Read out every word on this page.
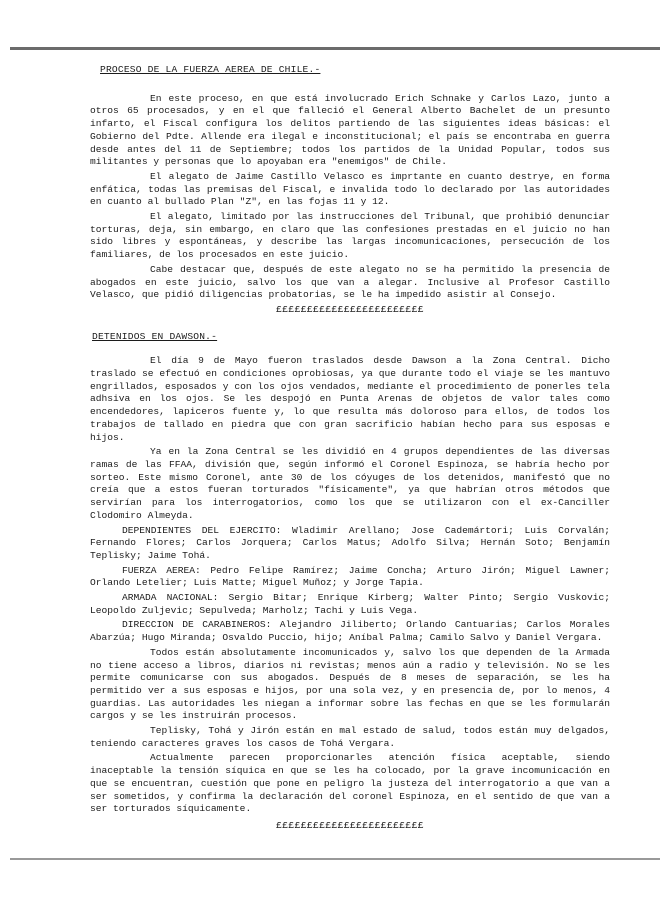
PROCESO DE LA FUERZA AEREA DE CHILE.-

En este proceso, en que está involucrado Erich Schnake y Carlos Lazo, junto a otros 65 procesados, y en el que falleció el General Alberto Bachelet de un presunto infarto, el Fiscal configura los delitos partiendo de las siguientes ideas básicas: el Gobierno del Pdte. Allende era ilegal e inconstitucional; el país se encontraba en guerra desde antes del 11 de Septiembre; todos los partidos de la Unidad Popular, todos sus militantes y personas que lo apoyaban era "enemigos" de Chile.

El alegato de Jaime Castillo Velasco es imprtante en cuanto destrye, en forma enfática, todas las premisas del Fiscal, e invalida todo lo declarado por las autoridades en cuanto al bullado Plan "Z", en las fojas 11 y 12.

El alegato, limitado por las instrucciones del Tribunal, que prohibió denunciar torturas, deja, sin embargo, en claro que las confesiones prestadas en el juicio no han sido libres y espontáneas, y describe las largas incomunicaciones, persecución de los familiares, de los procesados en este juicio.

Cabe destacar que, después de este alegato no se ha permitido la presencia de abogados en este juicio, salvo los que van a alegar. Inclusive al Profesor Castillo Velasco, que pidió diligencias probatorias, se le ha impedido asistir al Consejo.

££££££££££££££££££££££££
DETENIDOS EN DAWSON.-

El día 9 de Mayo fueron traslados desde Dawson a la Zona Central. Dicho traslado se efectuó en condiciones oprobiosas, ya que durante todo el viaje se les mantuvo engrillados, esposados y con los ojos vendados, mediante el procedimiento de ponerles tela adhsiva en los ojos. Se les despojó en Punta Arenas de objetos de valor tales como encendedores, lapiceros fuente y, lo que resulta más doloroso para ellos, de todos los trabajos de tallado en piedra que con gran sacrificio habían hecho para sus esposas e hijos.

Ya en la Zona Central se les dividió en 4 grupos dependientes de las diversas ramas de las FFAA, división que, según informó el Coronel Espinoza, se habría hecho por sorteo. Este mismo Coronel, ante 30 de los cóyuges de los detenidos, manifestó que no creía que a estos fueran torturados "físicamente", ya que habrían otros métodos que servirían para los interrogatorios, como los que se utilizaron con el ex-Canciller Clodomiro Almeyda.

DEPENDIENTES DEL EJERCITO: Wladimir Arellano; Jose Cademártori; Luis Corvalán; Fernando Flores; Carlos Jorquera; Carlos Matus; Adolfo Silva; Hernán Soto; Benjamín Teplisky; Jaime Tohá.

FUERZA AEREA: Pedro Felipe Ramírez; Jaime Concha; Arturo Jirón; Miguel Lawner; Orlando Letelier; Luis Matte; Miguel Muñoz; y Jorge Tapia.

ARMADA NACIONAL: Sergio Bitar; Enrique Kirberg; Walter Pinto; Sergio Vuskovic; Leopoldo Zuljevic; Sepulveda; Marholz; Tachi y Luis Vega.

DIRECCION DE CARABINEROS: Alejandro Jiliberto; Orlando Cantuarias; Carlos Morales Abarzúa; Hugo Miranda; Osvaldo Puccio, hijo; Aníbal Palma; Camilo Salvo y Daniel Vergara.

Todos están absolutamente incomunicados y, salvo los que dependen de la Armada no tiene acceso a libros, diarios ni revistas; menos aún a radio y televisión. No se les permite comunicarse con sus abogados. Después de 8 meses de separación, se les ha permitido ver a sus esposas e hijos, por una sola vez, y en presencia de, por lo menos, 4 guardias. Las autoridades les niegan a informar sobre las fechas en que se les formularán cargos y se les instruirán procesos.

Teplisky, Tohá y Jirón están en mal estado de salud, todos están muy delgados, teniendo caracteres graves los casos de Tohá Vergara.

Actualmente parecen proporcionarles atención física aceptable, siendo inaceptable la tensión síquica en que se les ha colocado, por la grave incomunicación en que se encuentran, cuestión que pone en peligro la justeza del interrogatorio a que van a ser sometidos, y confirma la declaración del coronel Espinoza, en el sentido de que van a ser torturados síquicamente.

££££££££££££££££££££££££
